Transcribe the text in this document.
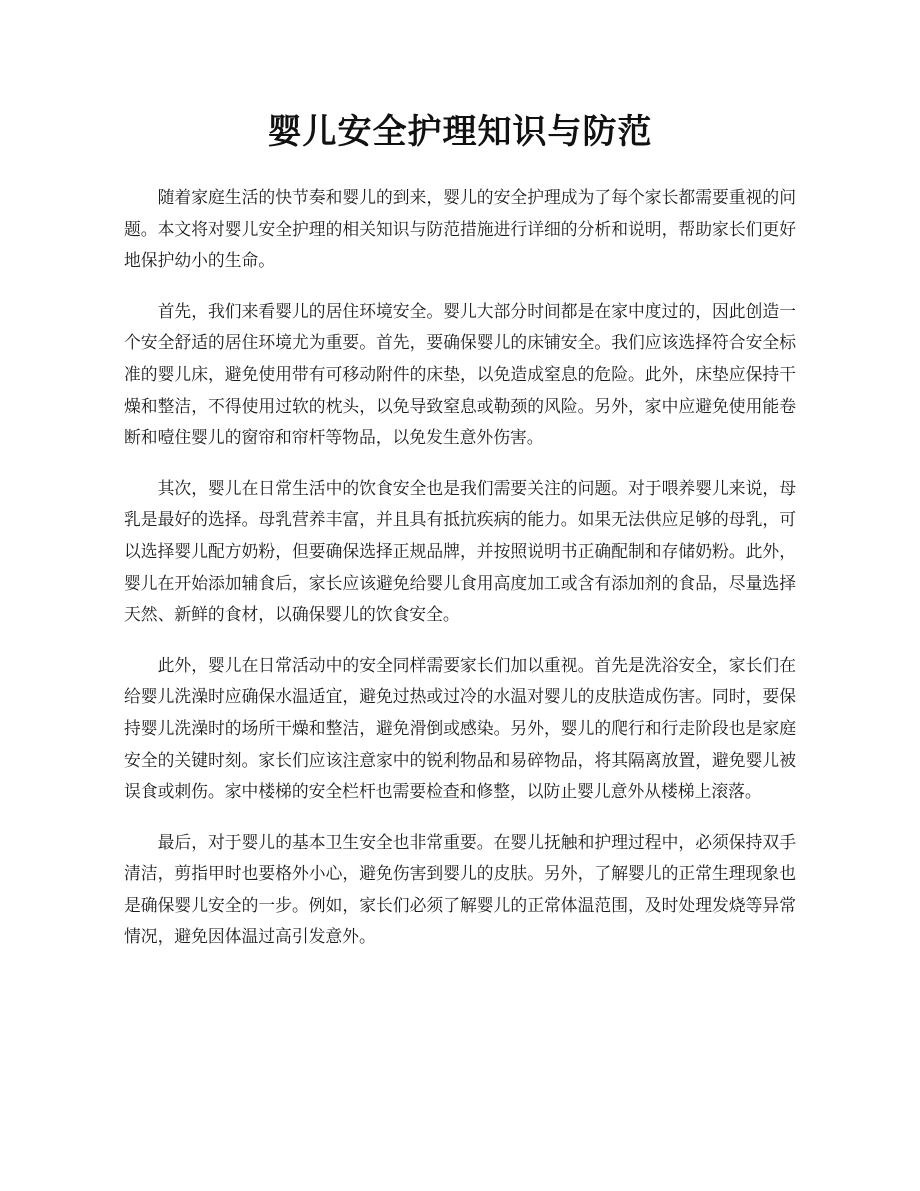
婴儿安全护理知识与防范

随着家庭生活的快节奏和婴儿的到来，婴儿的安全护理成为了每个家长都需要重视的问题。本文将对婴儿安全护理的相关知识与防范措施进行详细的分析和说明，帮助家长们更好地保护幼小的生命。

首先，我们来看婴儿的居住环境安全。婴儿大部分时间都是在家中度过的，因此创造一个安全舒适的居住环境尤为重要。首先，要确保婴儿的床铺安全。我们应该选择符合安全标准的婴儿床，避免使用带有可移动附件的床垫，以免造成窒息的危险。此外，床垫应保持干燥和整洁，不得使用过软的枕头，以免导致窒息或勒颈的风险。另外，家中应避免使用能卷断和噎住婴儿的窗帘和帘杆等物品，以免发生意外伤害。

其次，婴儿在日常生活中的饮食安全也是我们需要关注的问题。对于喂养婴儿来说，母乳是最好的选择。母乳营养丰富，并且具有抵抗疾病的能力。如果无法供应足够的母乳，可以选择婴儿配方奶粉，但要确保选择正规品牌，并按照说明书正确配制和存储奶粉。此外，婴儿在开始添加辅食后，家长应该避免给婴儿食用高度加工或含有添加剂的食品，尽量选择天然、新鲜的食材，以确保婴儿的饮食安全。

此外，婴儿在日常活动中的安全同样需要家长们加以重视。首先是洗浴安全，家长们在给婴儿洗澡时应确保水温适宜，避免过热或过冷的水温对婴儿的皮肤造成伤害。同时，要保持婴儿洗澡时的场所干燥和整洁，避免滑倒或感染。另外，婴儿的爬行和行走阶段也是家庭安全的关键时刻。家长们应该注意家中的锐利物品和易碎物品，将其隔离放置，避免婴儿被误食或刺伤。家中楼梯的安全栏杆也需要检查和修整，以防止婴儿意外从楼梯上滚落。

最后，对于婴儿的基本卫生安全也非常重要。在婴儿抚触和护理过程中，必须保持双手清洁，剪指甲时也要格外小心，避免伤害到婴儿的皮肤。另外，了解婴儿的正常生理现象也是确保婴儿安全的一步。例如，家长们必须了解婴儿的正常体温范围，及时处理发烧等异常情况，避免因体温过高引发意外。
